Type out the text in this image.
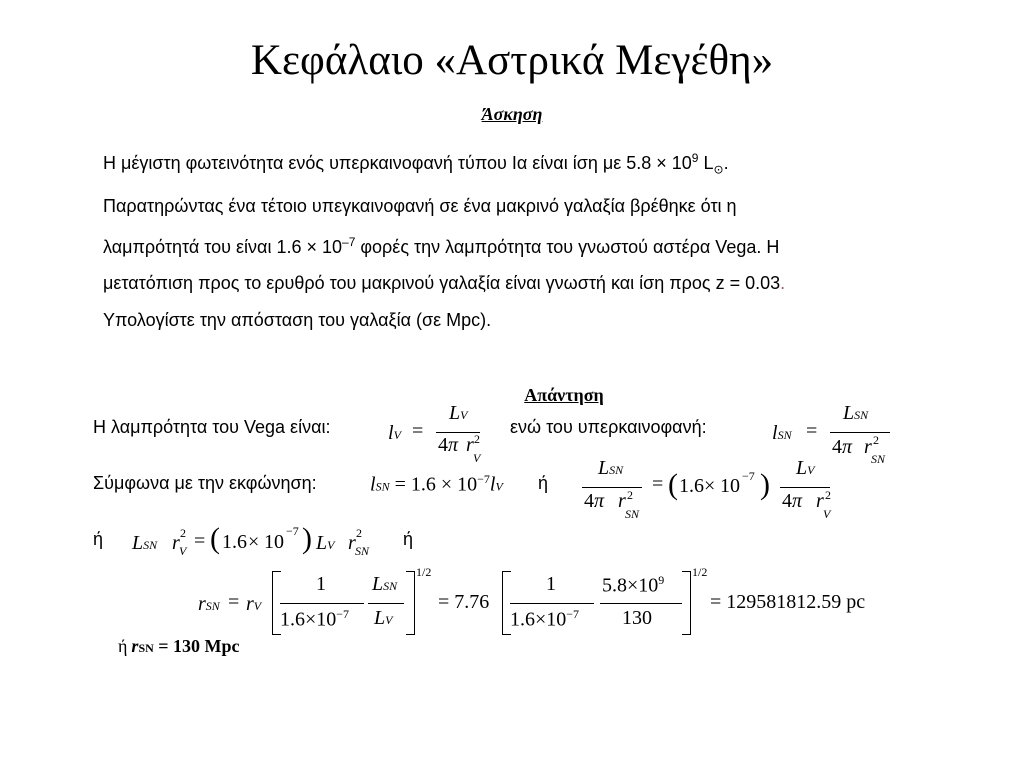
Κεφάλαιο «Αστρικά Μεγέθη»
Άσκηση

Η μέγιστη φωτεινότητα ενός υπερκαινοφανή τύπου Ια είναι ίση με $5.8 \times 10^9$ $L_⊙$.

Παρατηρώντας ένα τέτοιο υπεγκαινοφανή σε ένα μακρινό γαλαξία βρέθηκε ότι η

λαμπρότητά του είναι $1.6 \times 10^{-7}$ φορές την λαμπρότητα του γνωστού αστέρα Vega. Η

μετατόπιση προς το ερυθρό του μακρινού γαλαξία είναι γνωστή και ίση προς z = 0.03.

Υπολογίστε την απόσταση του γαλαξία (σε Mpc).

Απάντηση
Η λαμπρότητα του Vega είναι:	lV =
LV
4π r 2
V
ενώ του υπερκαινοφανή:	lSN =
LSN
4π r 2
SN
Σύμφωνα με την εκφώνηση:	lSN = $1.6 \times 10^{-7}lV$ ή
LSN
4π r 2
SN
= ( 1.6 × 10 −7 ) LV
4π r 2
V
ή LSN r 2
V = ( 1.6 × 10 −7 ) LV r 2
SN
ή
rSN = rV
1
$1.6\times 10^{-7}$
LSN
LV
1/2
= 7.76
1
$1.6\times 10^{-7}$
$5.8\times 10^9$
130
1/2
= 129581812.59 pc
ή rSN = 130 Mpc
